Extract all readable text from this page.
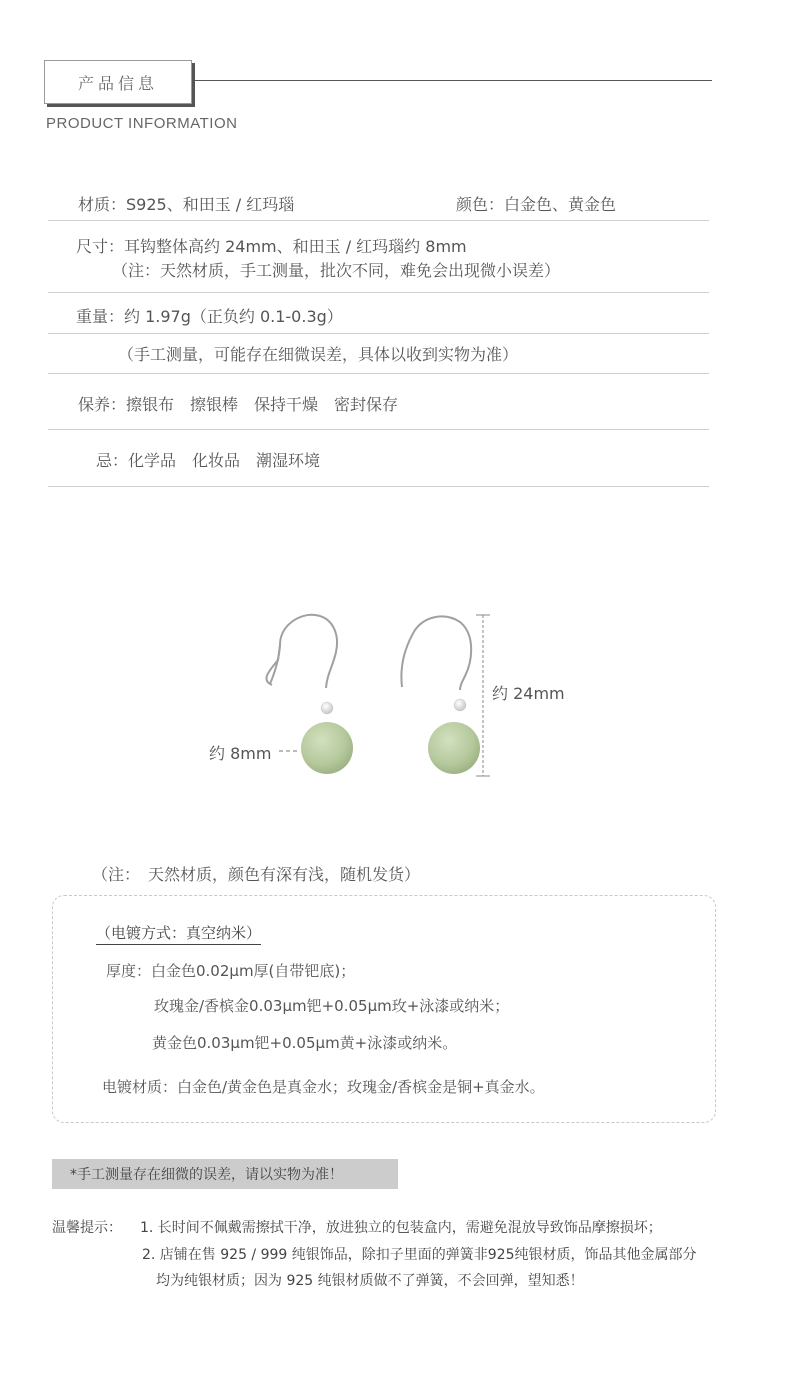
产品信息
PRODUCT INFORMATION
材质：S925、和田玉 / 红玛瑙	颜色：白金色、黄金色
尺寸：耳钩整体高约 24mm、和田玉 / 红玛瑙约 8mm
（注：天然材质，手工测量，批次不同，难免会出现微小误差）
重量：约 1.97g（正负约 0.1-0.3g）
（手工测量，可能存在细微误差，具体以收到实物为准）
保养：擦银布　擦银棒　保持干燥　密封保存
忌：化学品　化妆品　潮湿环境
约 24mm
约 8mm
（注：　天然材质，颜色有深有浅，随机发货）
（电镀方式：真空纳米）
厚度：白金色0.02μm厚(自带钯底)；
玫瑰金/香槟金0.03μm钯+0.05μm玫+泳漆或纳米；
黄金色0.03μm钯+0.05μm黄+泳漆或纳米。
电镀材质：白金色/黄金色是真金水；玫瑰金/香槟金是铜+真金水。
*手工测量存在细微的误差，请以实物为准！
温馨提示： 1. 长时间不佩戴需擦拭干净，放进独立的包装盒内，需避免混放导致饰品摩擦损坏；
2. 店铺在售 925 / 999 纯银饰品，除扣子里面的弹簧非925纯银材质，饰品其他金属部分
均为纯银材质；因为 925 纯银材质做不了弹簧，不会回弹，望知悉！
